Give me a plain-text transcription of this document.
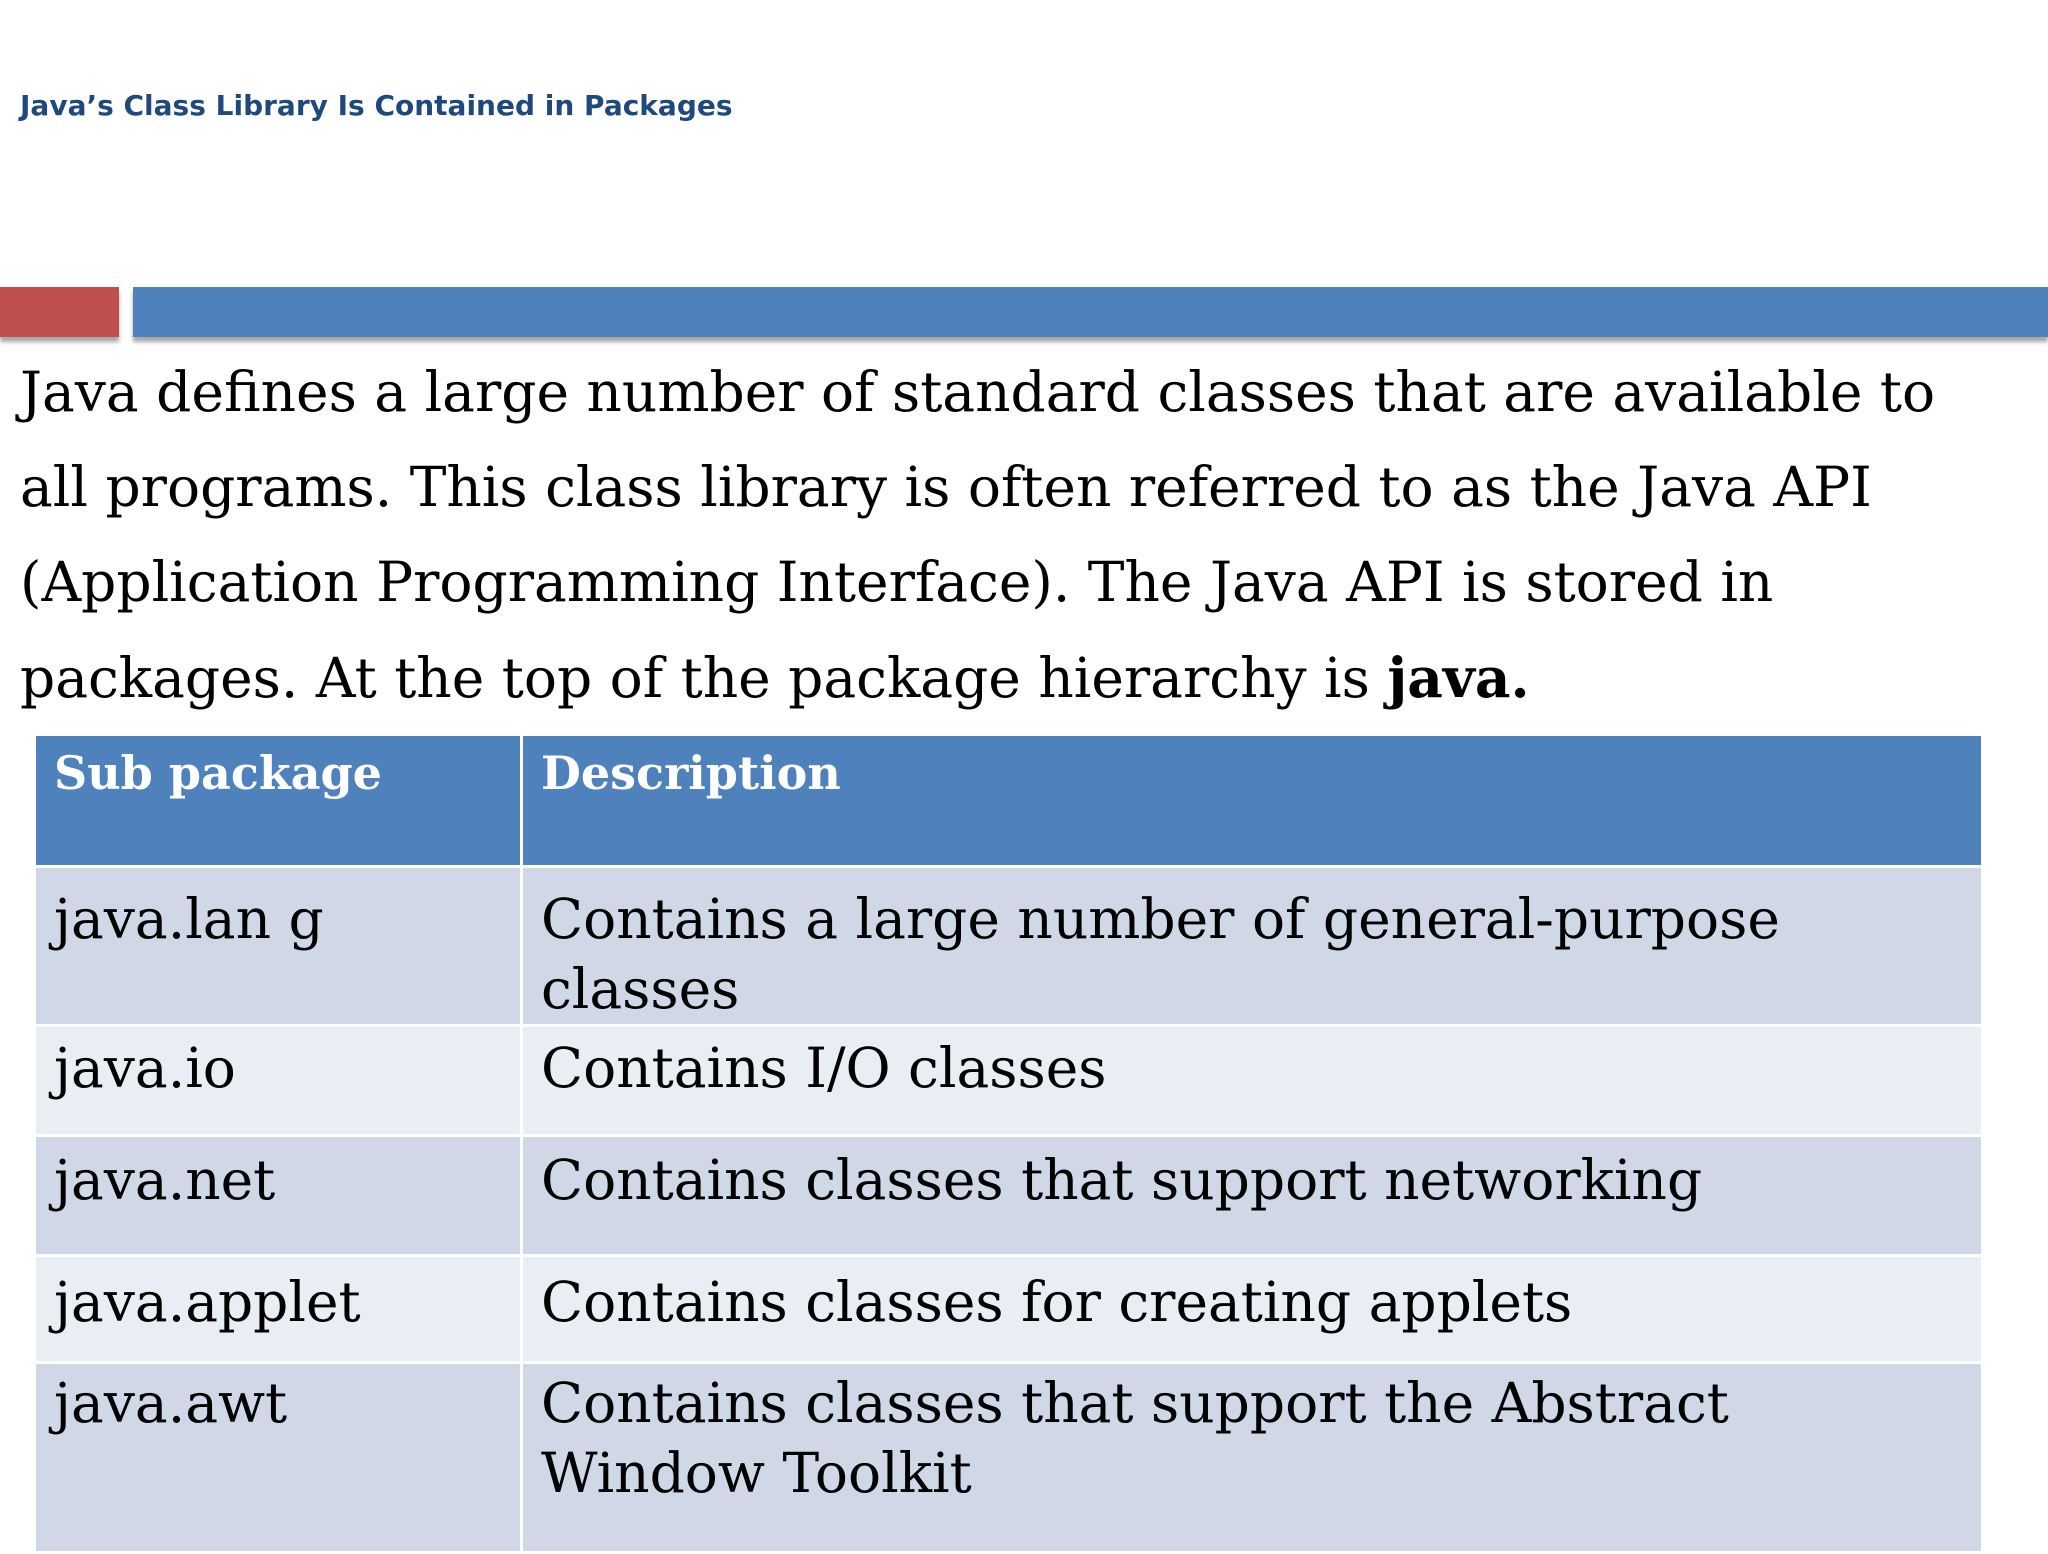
Java’s Class Library Is Contained in Packages
Java defines a large number of standard classes that are available to all programs. This class library is often referred to as the Java API (Application Programming Interface). The Java API is stored in packages. At the top of the package hierarchy is java.
Sub package	Description
java.lan g	Contains a large number of general-purpose classes
java.io	Contains I/O classes
java.net	Contains classes that support networking
java.applet	Contains classes for creating applets
java.awt	Contains classes that support the Abstract Window Toolkit
